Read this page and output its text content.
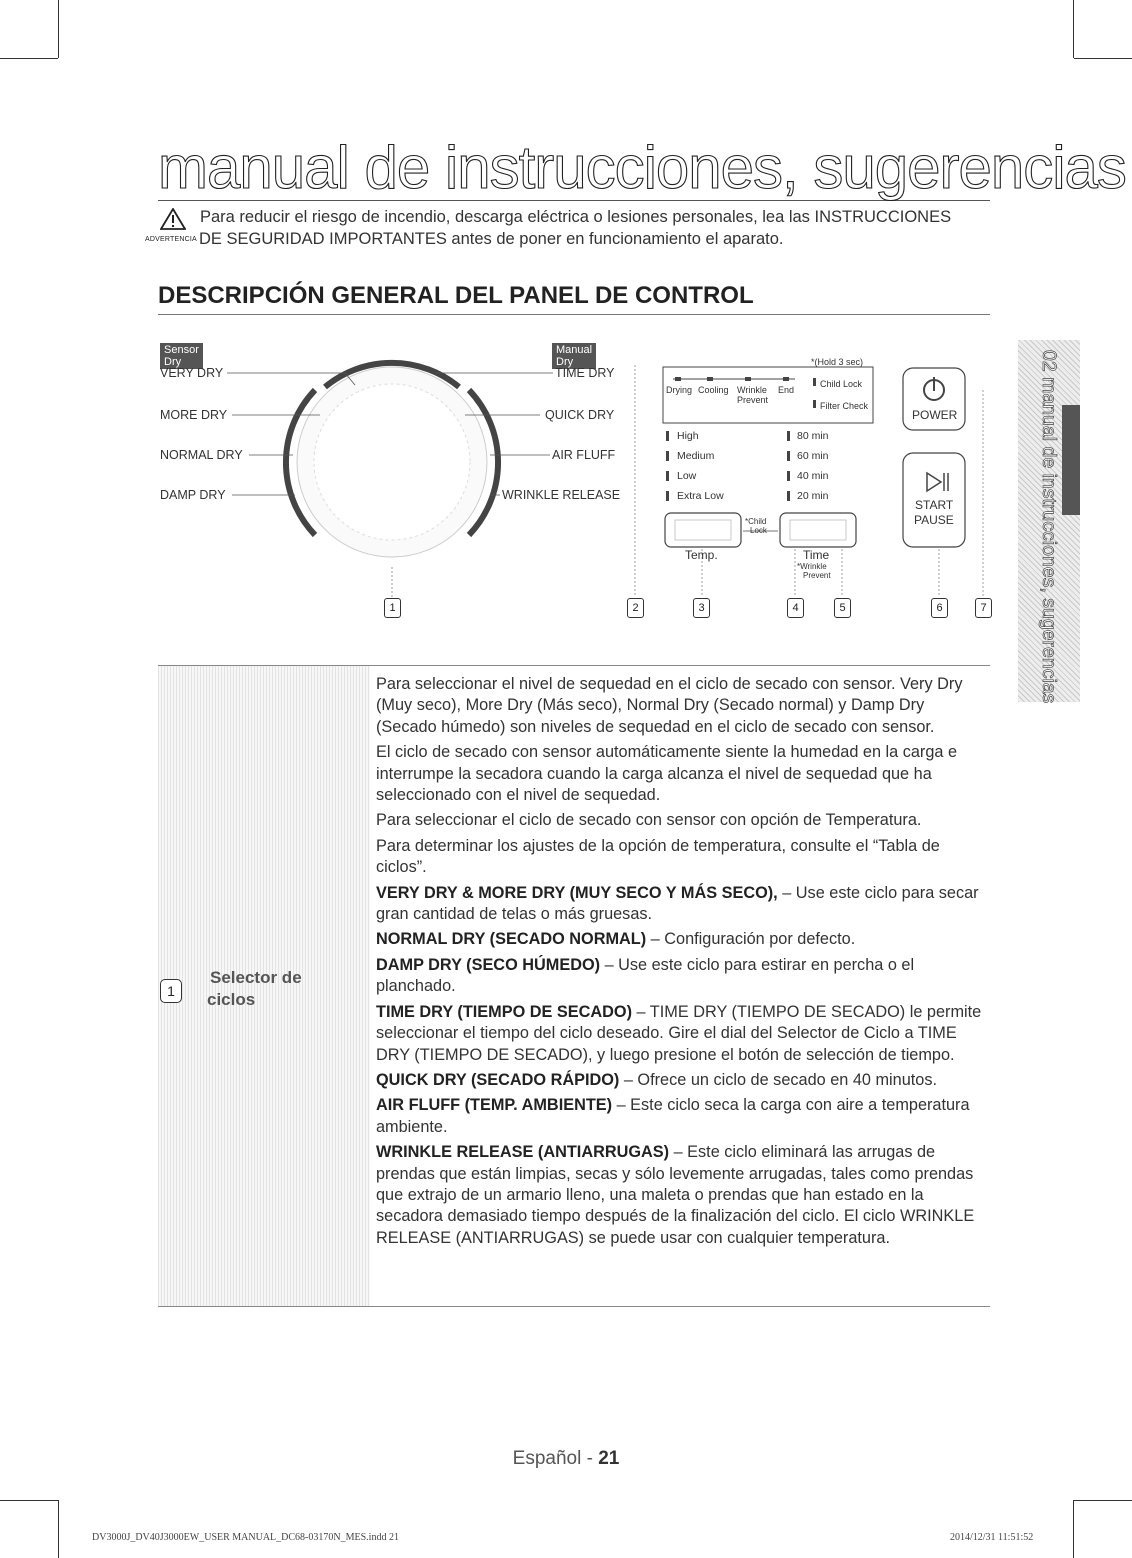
manual de instrucciones, sugerencias
ADVERTENCIA
Para reducir el riesgo de incendio, descarga eléctrica o lesiones personales, lea las INSTRUCCIONES
DE SEGURIDAD IMPORTANTES antes de poner en funcionamiento el aparato.
DESCRIPCIÓN GENERAL DEL PANEL DE CONTROL
Sensor Dry
Manual Dry
VERY DRY
MORE DRY
NORMAL DRY
DAMP DRY
TIME DRY
QUICK DRY
AIR FLUFF
WRINKLE RELEASE
*(Hold 3 sec)
Drying Cooling Wrinkle End
Prevent
Child Lock
Filter Check
High
Medium
Low
Extra Low
80 min
60 min
40 min
20 min
*Child
Lock
Temp.	Time
*Wrinkle
Prevent
POWER
START
PAUSE
1	2	3	4	5	6	7
1
Selector de
ciclos

Para seleccionar el nivel de sequedad en el ciclo de secado con sensor. Very Dry (Muy seco), More Dry (Más seco), Normal Dry (Secado normal) y Damp Dry (Secado húmedo) son niveles de sequedad en el ciclo de secado con sensor.

El ciclo de secado con sensor automáticamente siente la humedad en la carga e interrumpe la secadora cuando la carga alcanza el nivel de sequedad que ha seleccionado con el nivel de sequedad.

Para seleccionar el ciclo de secado con sensor con opción de Temperatura.

Para determinar los ajustes de la opción de temperatura, consulte el “Tabla de ciclos”.

VERY DRY & MORE DRY (MUY SECO Y MÁS SECO), – Use este ciclo para secar gran cantidad de telas o más gruesas.

NORMAL DRY (SECADO NORMAL) – Configuración por defecto.

DAMP DRY (SECO HÚMEDO) – Use este ciclo para estirar en percha o el planchado.

TIME DRY (TIEMPO DE SECADO) – TIME DRY (TIEMPO DE SECADO) le permite seleccionar el tiempo del ciclo deseado. Gire el dial del Selector de Ciclo a TIME DRY (TIEMPO DE SECADO), y luego presione el botón de selección de tiempo.

QUICK DRY (SECADO RÁPIDO) – Ofrece un ciclo de secado en 40 minutos.

AIR FLUFF (TEMP. AMBIENTE) – Este ciclo seca la carga con aire a temperatura ambiente.

WRINKLE RELEASE (ANTIARRUGAS) – Este ciclo eliminará las arrugas de prendas que están limpias, secas y sólo levemente arrugadas, tales como prendas que extrajo de un armario lleno, una maleta o prendas que han estado en la secadora demasiado tiempo después de la finalización del ciclo. El ciclo WRINKLE RELEASE (ANTIARRUGAS) se puede usar con cualquier temperatura.

02 manual de instrucciones, sugerencias
Español - 21
DV3000J_DV40J3000EW_USER MANUAL_DC68-03170N_MES.indd 21	2014/12/31 11:51:52
